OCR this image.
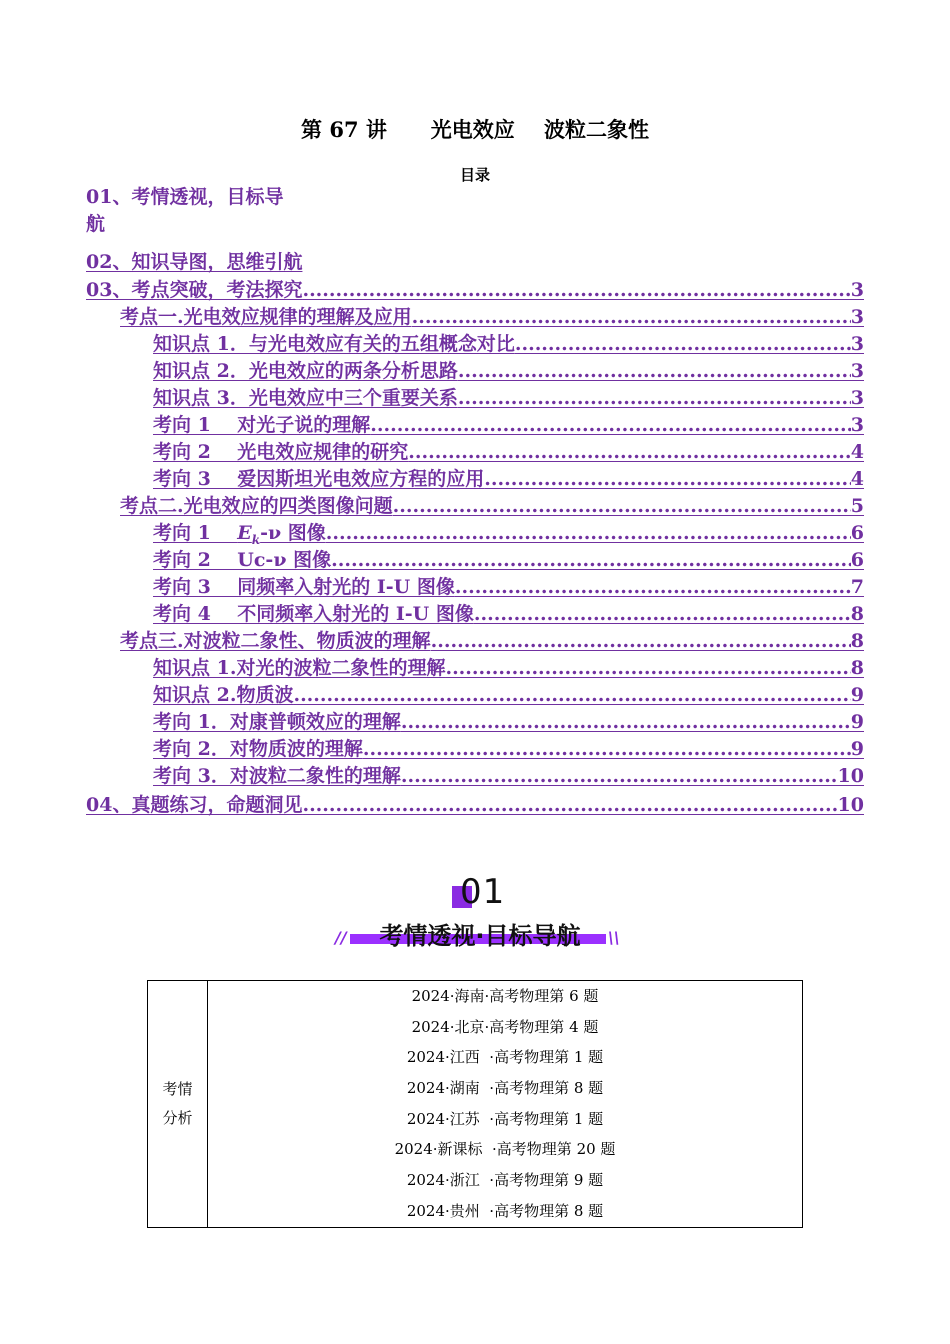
第 67 讲      光电效应    波粒二象性
目录
01、考情透视，目标导
航
02、知识导图，思维引航
03、考点突破，考法探究 .....	3
考点一.光电效应规律的理解及应用 .....	3
知识点 1．与光电效应有关的五组概念对比 .....	3
知识点 2．光电效应的两条分析思路 .....	3
知识点 3．光电效应中三个重要关系 .....	3
考向 1    对光子说的理解 .....	3
考向 2    光电效应规律的研究 .....	4
考向 3    爱因斯坦光电效应方程的应用 .....	4
考点二.光电效应的四类图像问题 .....	5
考向 1    $E_k-\nu$ 图像 .....	6
考向 2    Uc-ν 图像 .....	6
考向 3    同频率入射光的 I-U 图像 .....	7
考向 4    不同频率入射光的 I-U 图像 .....	8
考点三.对波粒二象性、物质波的理解 .....	8
知识点 1.对光的波粒二象性的理解 .....	8
知识点 2.物质波 .....	9
考向 1．对康普顿效应的理解 .....	9
考向 2．对物质波的理解 .....	9
考向 3．对波粒二象性的理解 .....	10
04、真题练习，命题洞见 .....	10
01
考情透视·目标导航
//	\\
考情
分析

2024·海南·高考物理第 6 题
2024·北京·高考物理第 4 题
2024·江西  ·高考物理第 1 题
2024·湖南  ·高考物理第 8 题
2024·江苏  ·高考物理第 1 题
2024·新课标  ·高考物理第 20 题
2024·浙江  ·高考物理第 9 题
2024·贵州  ·高考物理第 8 题
